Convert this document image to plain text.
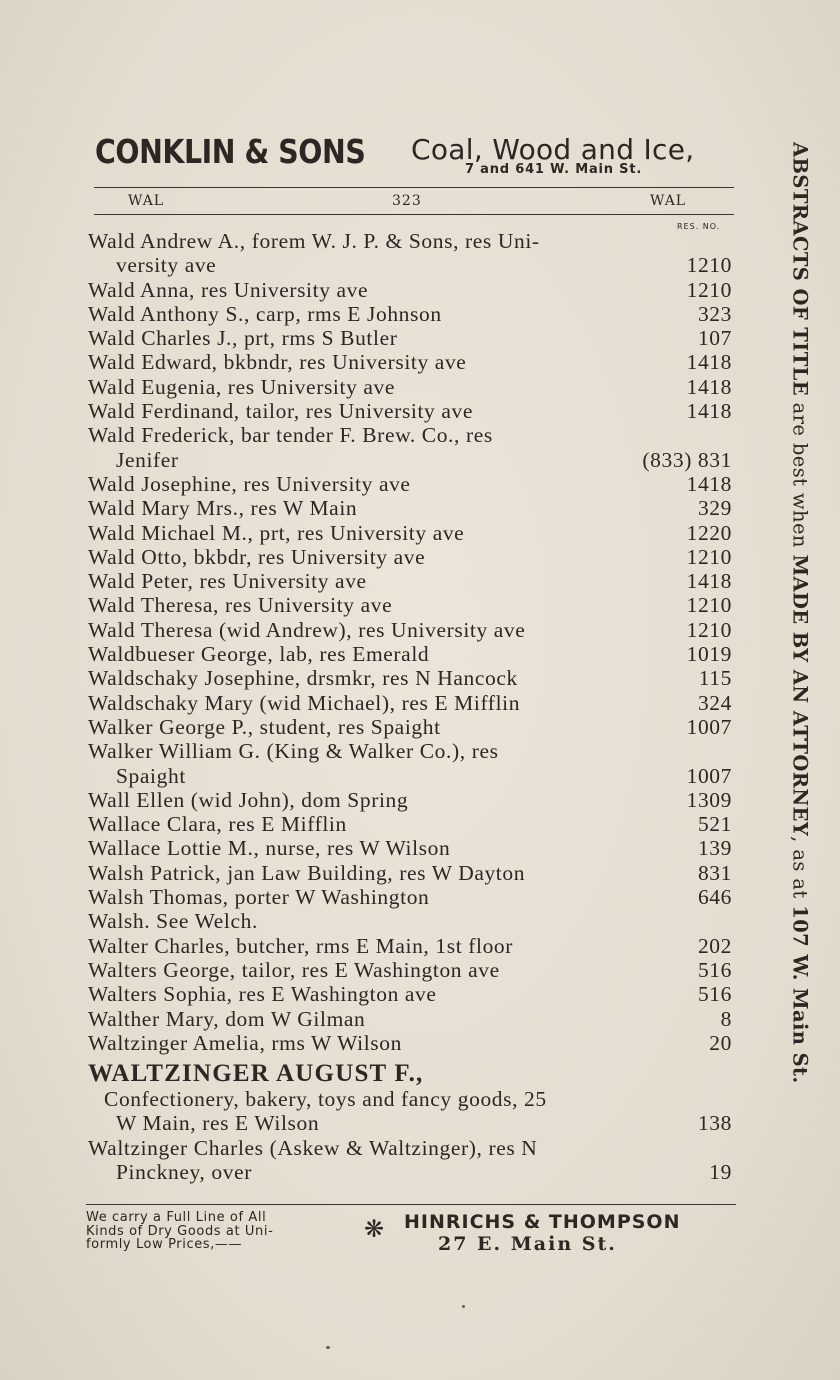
CONKLIN & SONS Coal, Wood and Ice,
7 and 641 W. Main St.
WAL	323	WAL
RES. NO.
Wald Andrew A., forem W. J. P. & Sons, res Uni-
versity ave	1210
Wald Anna, res University ave	1210
Wald Anthony S., carp, rms E Johnson	323
Wald Charles J., prt, rms S Butler	107
Wald Edward, bkbndr, res University ave	1418
Wald Eugenia, res University ave	1418
Wald Ferdinand, tailor, res University ave	1418
Wald Frederick, bar tender F. Brew. Co., res
Jenifer	(833) 831
Wald Josephine, res University ave	1418
Wald Mary Mrs., res W Main	329
Wald Michael M., prt, res University ave	1220
Wald Otto, bkbdr, res University ave	1210
Wald Peter, res University ave	1418
Wald Theresa, res University ave	1210
Wald Theresa (wid Andrew), res University ave	1210
Waldbueser George, lab, res Emerald	1019
Waldschaky Josephine, drsmkr, res N Hancock	115
Waldschaky Mary (wid Michael), res E Mifflin	324
Walker George P., student, res Spaight	1007
Walker William G. (King & Walker Co.), res
Spaight	1007
Wall Ellen (wid John), dom Spring	1309
Wallace Clara, res E Mifflin	521
Wallace Lottie M., nurse, res W Wilson	139
Walsh Patrick, jan Law Building, res W Dayton	831
Walsh Thomas, porter W Washington	646
Walsh. See Welch.
Walter Charles, butcher, rms E Main, 1st floor	202
Walters George, tailor, res E Washington ave	516
Walters Sophia, res E Washington ave	516
Walther Mary, dom W Gilman	8
Waltzinger Amelia, rms W Wilson	20
WALTZINGER AUGUST F.,
Confectionery, bakery, toys and fancy goods, 25
W Main, res E Wilson	138
Waltzinger Charles (Askew & Waltzinger), res N
Pinckney, over	19
ABSTRACTS OF TITLE are best when MADE BY AN ATTORNEY, as at 107 W. Main St.
We carry a Full Line of All
Kinds of Dry Goods at Uni-
formly Low Prices,——
❋ HINRICHS & THOMPSON
27 E. Main St.
